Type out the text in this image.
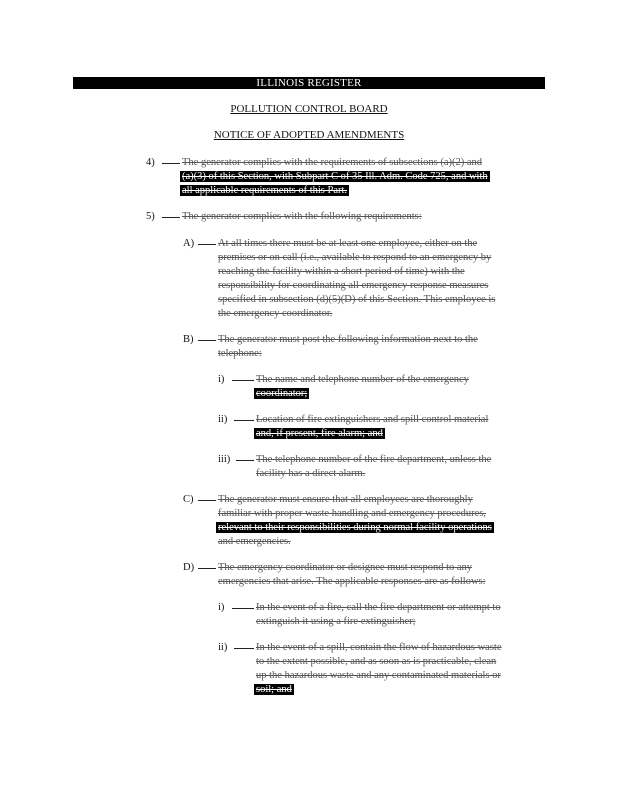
ILLINOIS REGISTER
POLLUTION CONTROL BOARD
NOTICE OF ADOPTED AMENDMENTS
4)	The generator complies with the requirements of subsections (a)(2) and
(a)(3) of this Section, with Subpart C of 35 Ill. Adm. Code 725, and with
all applicable requirements of this Part.
5)	The generator complies with the following requirements:
A) At all times there must be at least one employee, either on the
premises or on call (i.e., available to respond to an emergency by
reaching the facility within a short period of time) with the
responsibility for coordinating all emergency response measures
specified in subsection (d)(5)(D) of this Section. This employee is
the emergency coordinator.
B) The generator must post the following information next to the
telephone:
i)	The name and telephone number of the emergency
coordinator;
ii)	Location of fire extinguishers and spill control material
and, if present, fire alarm; and
iii) The telephone number of the fire department, unless the
facility has a direct alarm.
C) The generator must ensure that all employees are thoroughly
familiar with proper waste handling and emergency procedures,
relevant to their responsibilities during normal facility operations
and emergencies.
D) The emergency coordinator or designee must respond to any
emergencies that arise. The applicable responses are as follows:
i)	In the event of a fire, call the fire department or attempt to
extinguish it using a fire extinguisher;
ii)	In the event of a spill, contain the flow of hazardous waste
to the extent possible, and as soon as is practicable, clean
up the hazardous waste and any contaminated materials or
soil; and
